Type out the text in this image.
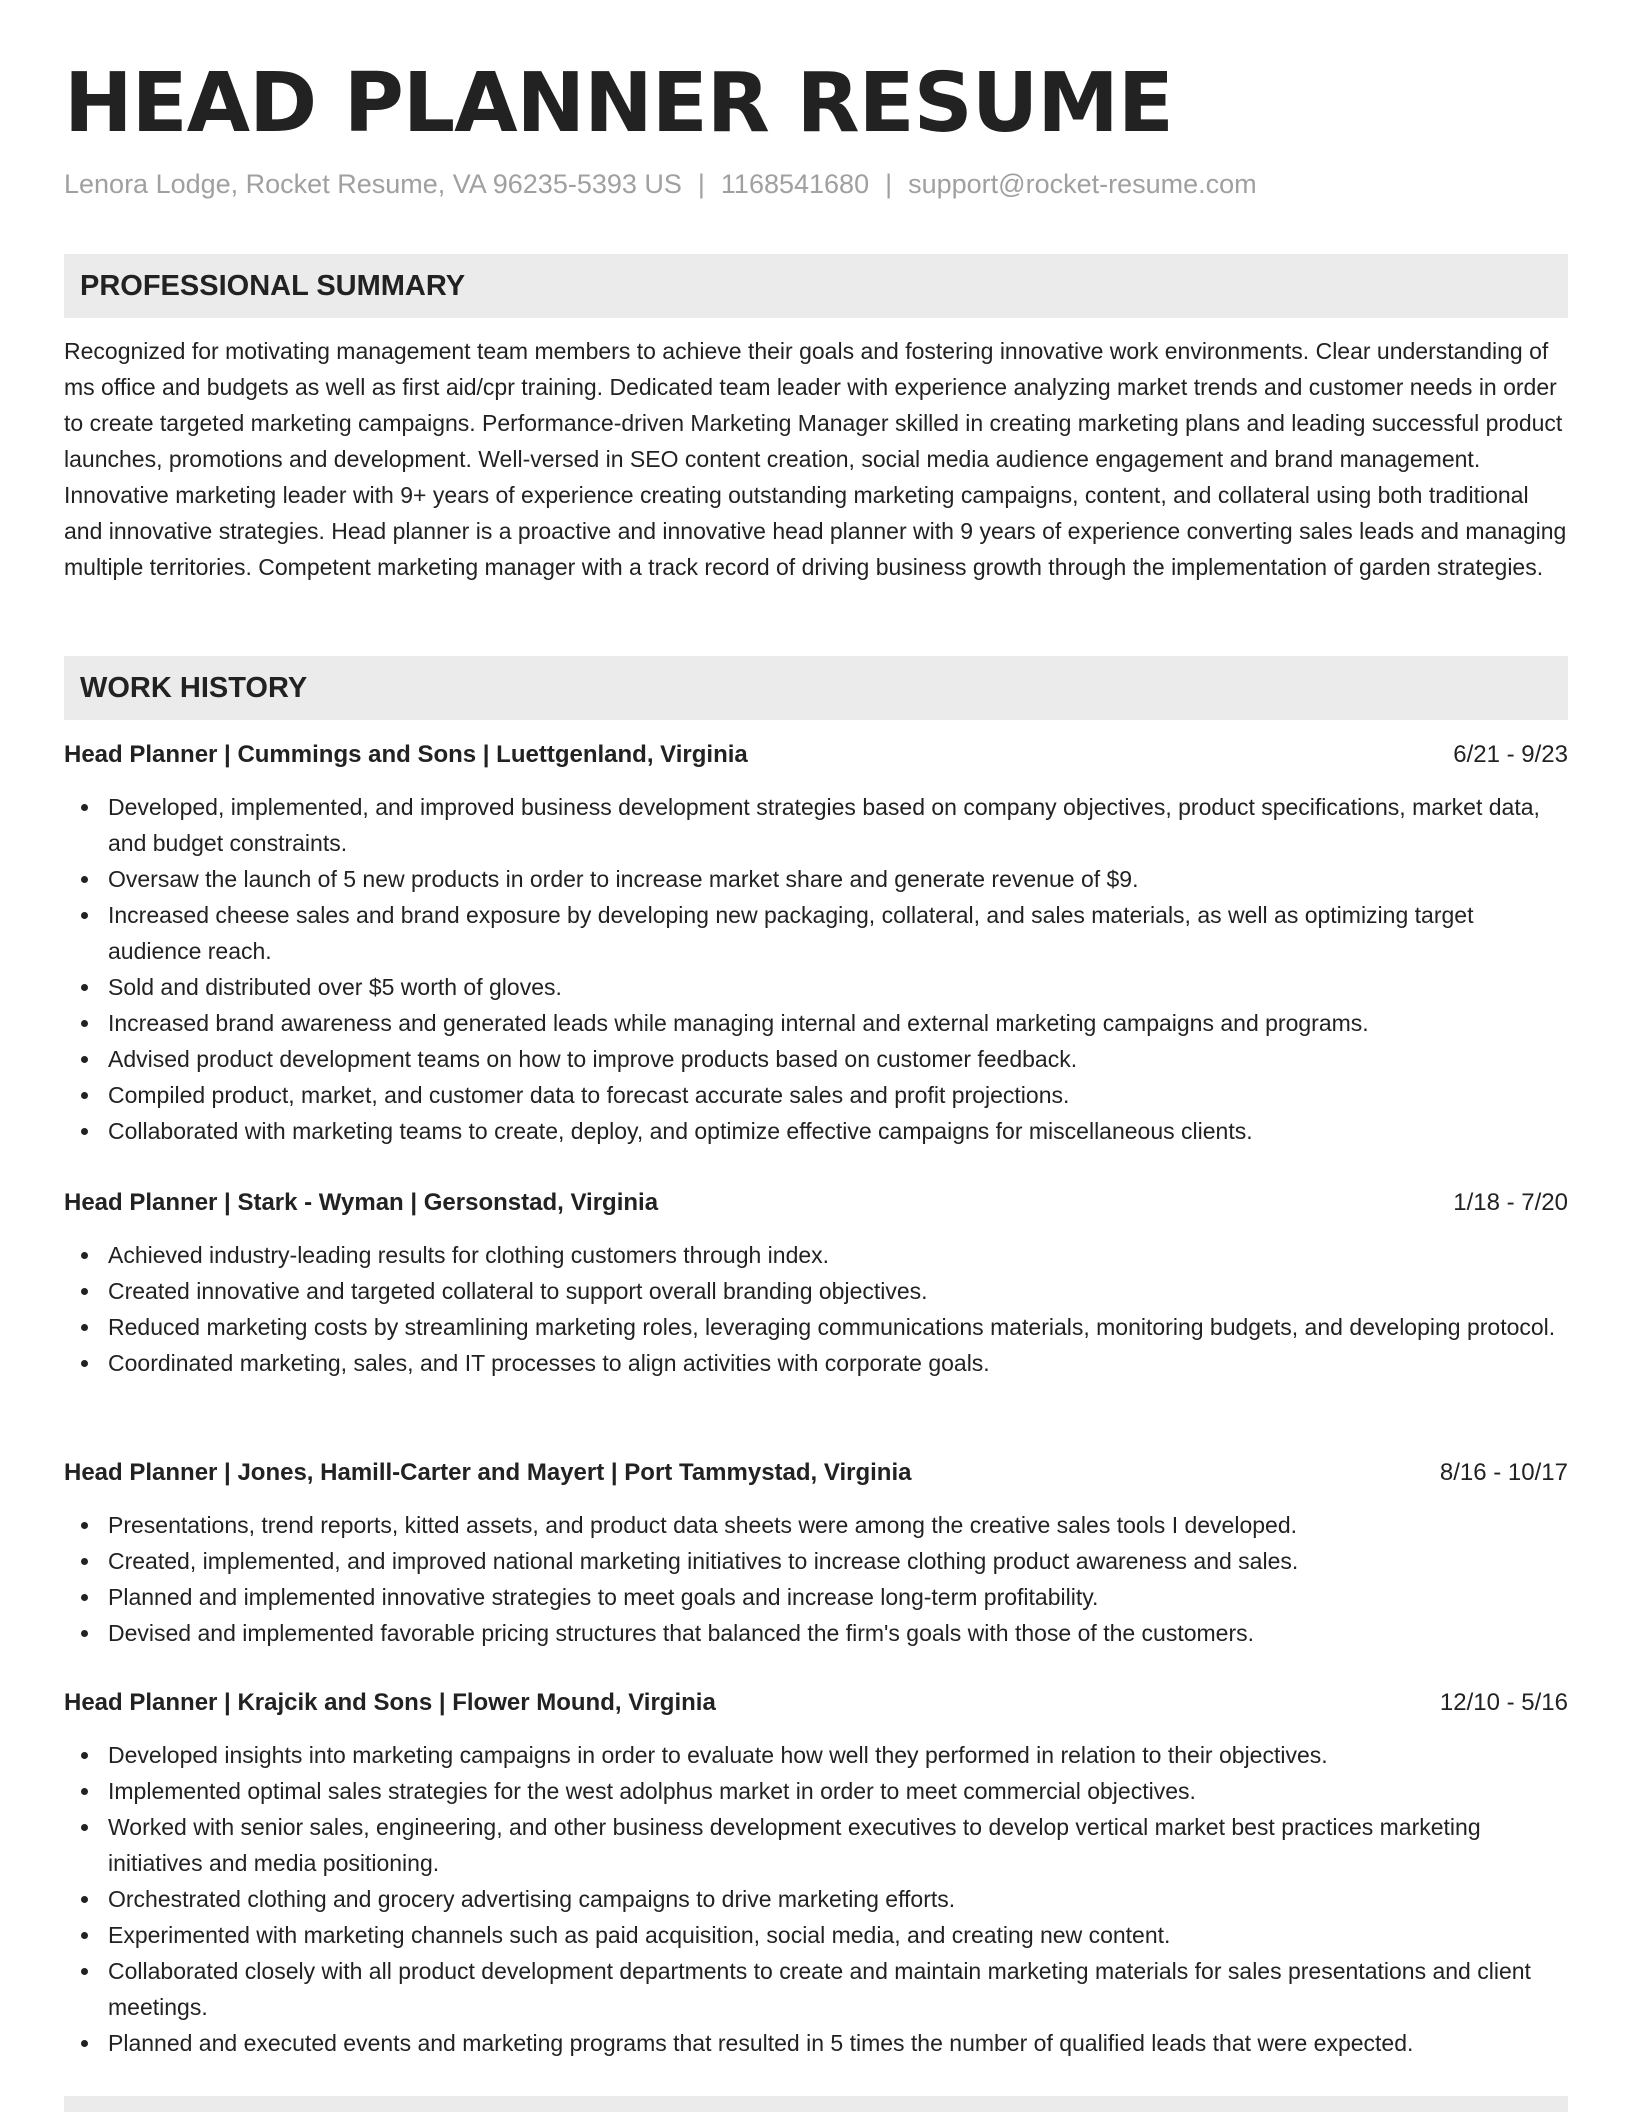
HEAD PLANNER RESUME
Lenora Lodge, Rocket Resume, VA 96235-5393 US | 1168541680 | support@rocket-resume.com
PROFESSIONAL SUMMARY
Recognized for motivating management team members to achieve their goals and fostering innovative work environments. Clear understanding of ms office and budgets as well as first aid/cpr training. Dedicated team leader with experience analyzing market trends and customer needs in order to create targeted marketing campaigns. Performance-driven Marketing Manager skilled in creating marketing plans and leading successful product launches, promotions and development. Well-versed in SEO content creation, social media audience engagement and brand management. Innovative marketing leader with 9+ years of experience creating outstanding marketing campaigns, content, and collateral using both traditional and innovative strategies. Head planner is a proactive and innovative head planner with 9 years of experience converting sales leads and managing multiple territories. Competent marketing manager with a track record of driving business growth through the implementation of garden strategies.
WORK HISTORY
Head Planner | Cummings and Sons | Luettgenland, Virginia	6/21 - 9/23
Developed, implemented, and improved business development strategies based on company objectives, product specifications, market data, and budget constraints.
Oversaw the launch of 5 new products in order to increase market share and generate revenue of $9.
Increased cheese sales and brand exposure by developing new packaging, collateral, and sales materials, as well as optimizing target audience reach.
Sold and distributed over $5 worth of gloves.
Increased brand awareness and generated leads while managing internal and external marketing campaigns and programs.
Advised product development teams on how to improve products based on customer feedback.
Compiled product, market, and customer data to forecast accurate sales and profit projections.
Collaborated with marketing teams to create, deploy, and optimize effective campaigns for miscellaneous clients.
Head Planner | Stark - Wyman | Gersonstad, Virginia	1/18 - 7/20
Achieved industry-leading results for clothing customers through index.
Created innovative and targeted collateral to support overall branding objectives.
Reduced marketing costs by streamlining marketing roles, leveraging communications materials, monitoring budgets, and developing protocol.
Coordinated marketing, sales, and IT processes to align activities with corporate goals.
Head Planner | Jones, Hamill-Carter and Mayert | Port Tammystad, Virginia	8/16 - 10/17
Presentations, trend reports, kitted assets, and product data sheets were among the creative sales tools I developed.
Created, implemented, and improved national marketing initiatives to increase clothing product awareness and sales.
Planned and implemented innovative strategies to meet goals and increase long-term profitability.
Devised and implemented favorable pricing structures that balanced the firm's goals with those of the customers.
Head Planner | Krajcik and Sons | Flower Mound, Virginia	12/10 - 5/16
Developed insights into marketing campaigns in order to evaluate how well they performed in relation to their objectives.
Implemented optimal sales strategies for the west adolphus market in order to meet commercial objectives.
Worked with senior sales, engineering, and other business development executives to develop vertical market best practices marketing initiatives and media positioning.
Orchestrated clothing and grocery advertising campaigns to drive marketing efforts.
Experimented with marketing channels such as paid acquisition, social media, and creating new content.
Collaborated closely with all product development departments to create and maintain marketing materials for sales presentations and client meetings.
Planned and executed events and marketing programs that resulted in 5 times the number of qualified leads that were expected.
